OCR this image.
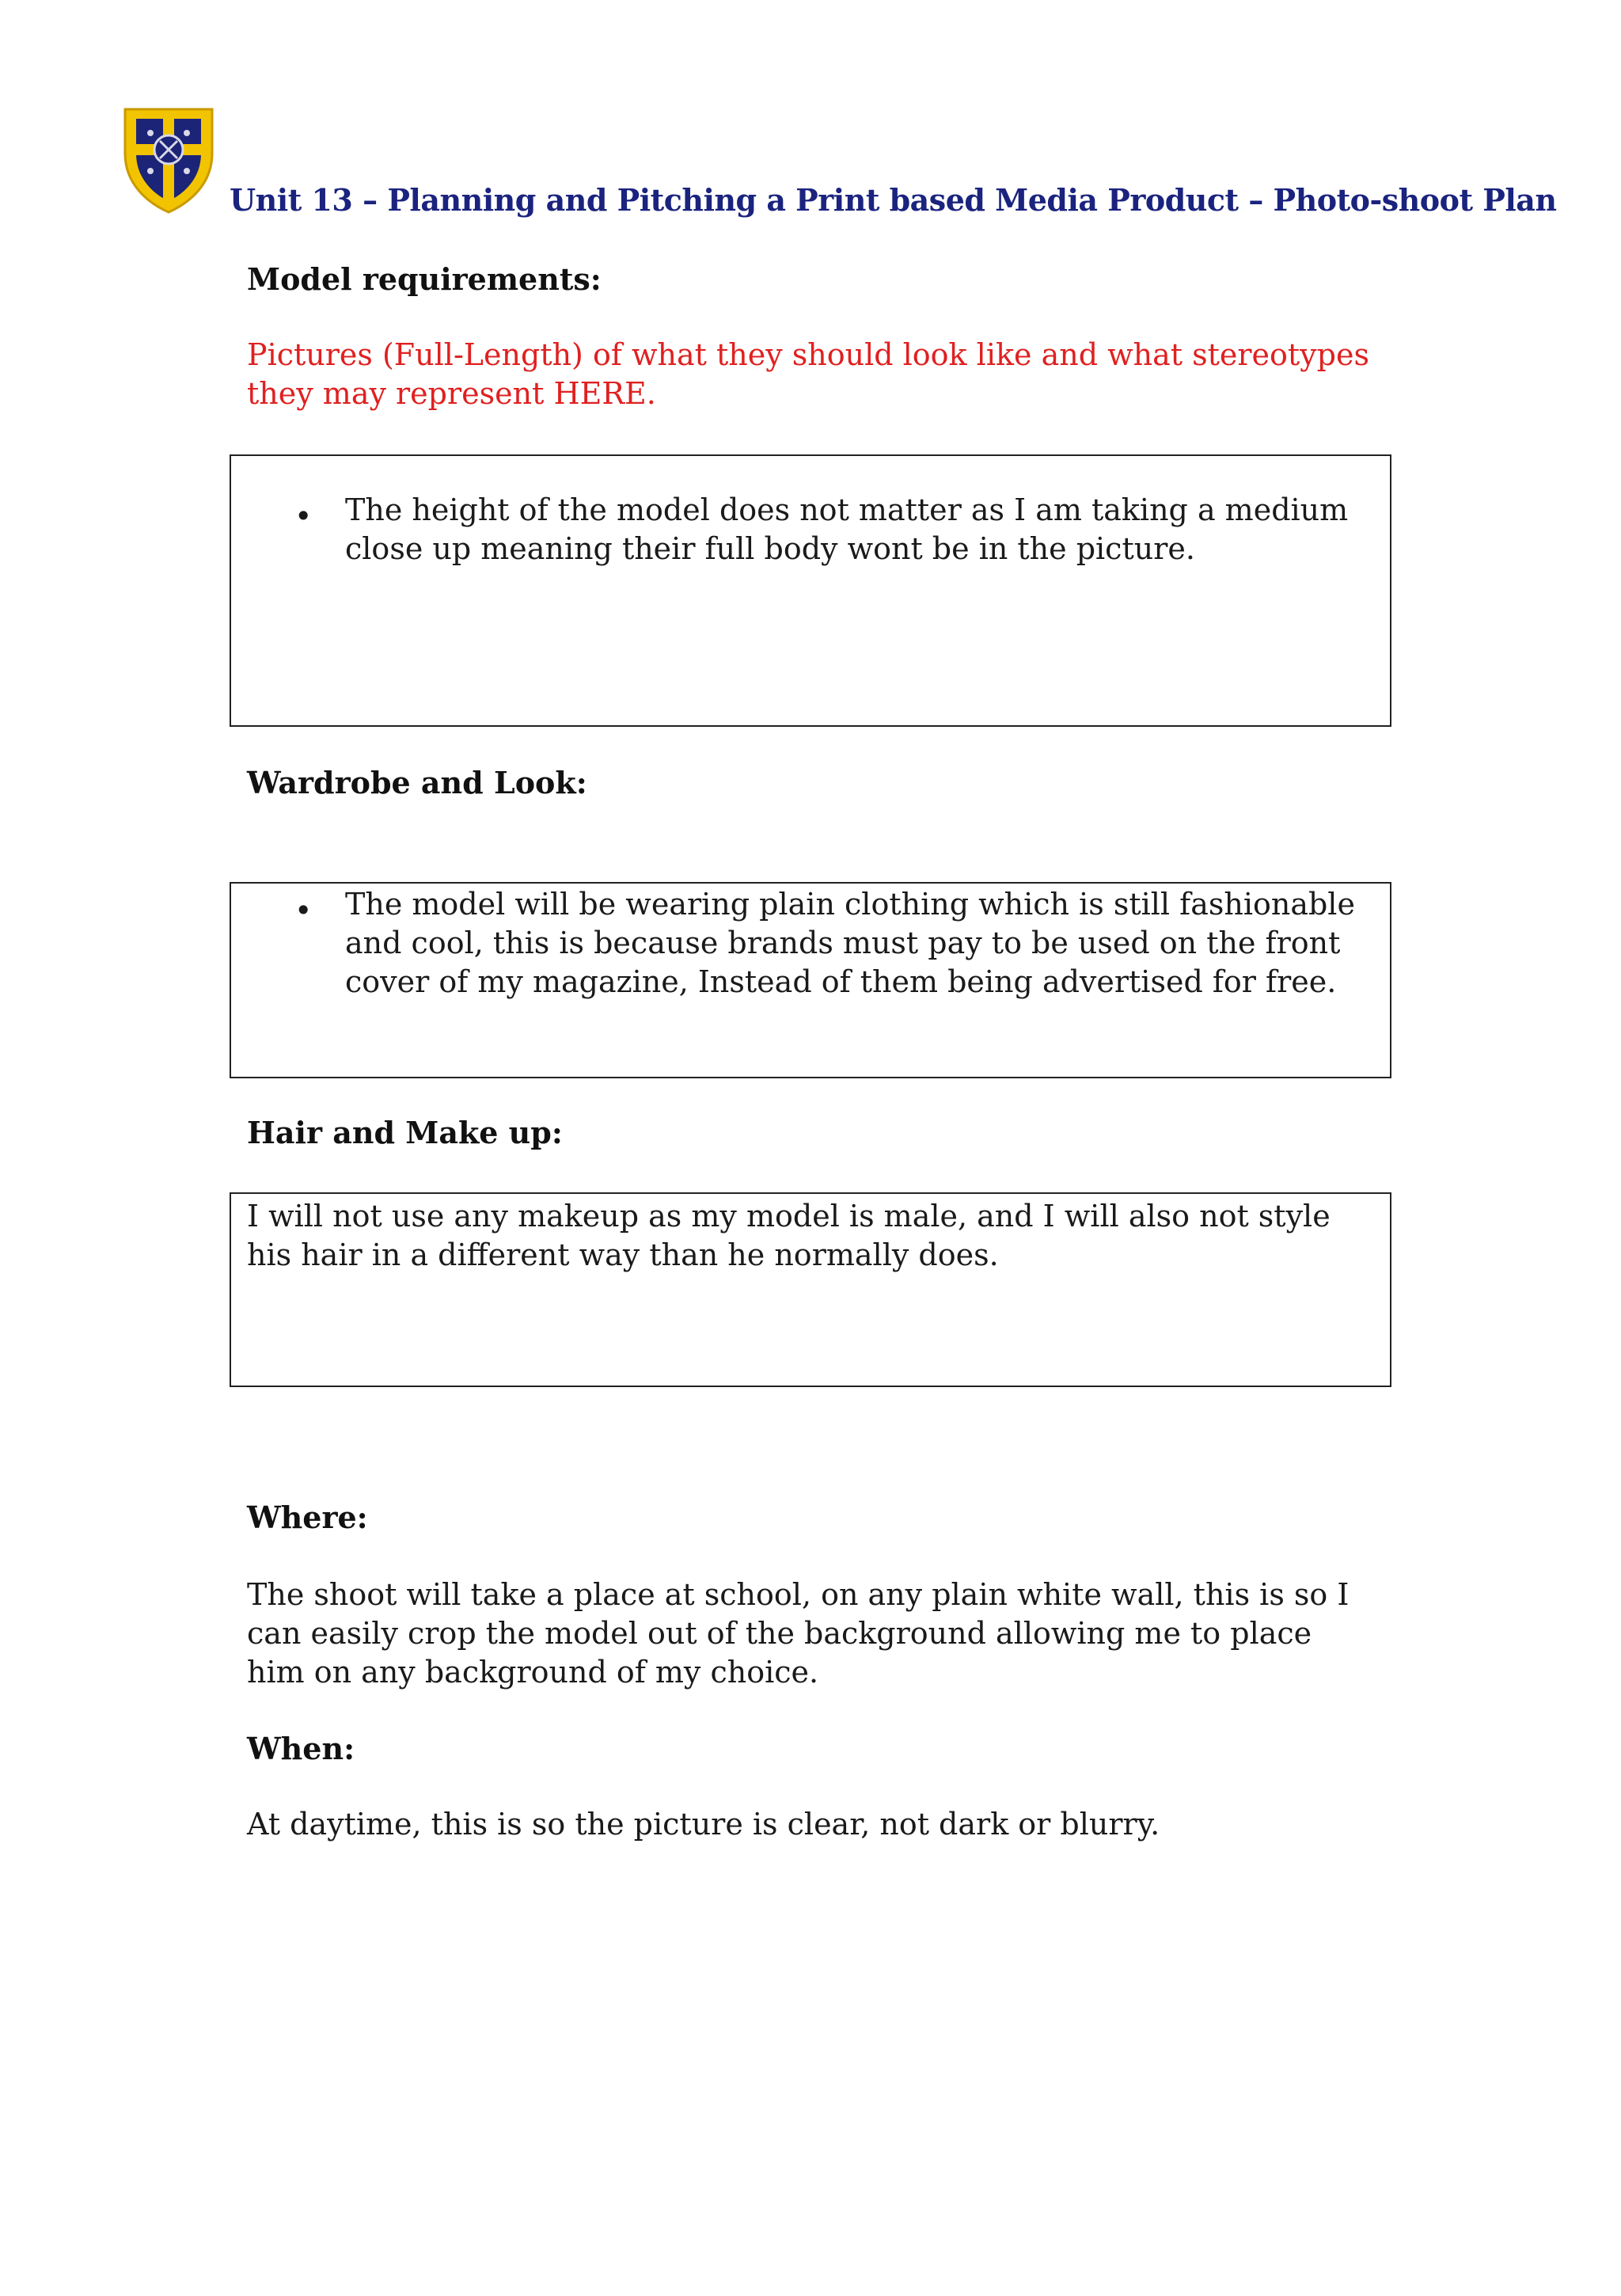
Unit 13 – Planning and Pitching a Print based Media Product – Photo-shoot Plan
Model requirements:
Pictures (Full-Length) of what they should look like and what stereotypes they may represent HERE.
• The height of the model does not matter as I am taking a medium close up meaning their full body wont be in the picture.
Wardrobe and Look:
• The model will be wearing plain clothing which is still fashionable and cool, this is because brands must pay to be used on the front cover of my magazine, Instead of them being advertised for free.
Hair and Make up:
I will not use any makeup as my model is male, and I will also not style his hair in a different way than he normally does.
Where:
The shoot will take a place at school, on any plain white wall, this is so I can easily crop the model out of the background allowing me to place him on any background of my choice.
When:
At daytime, this is so the picture is clear, not dark or blurry.
